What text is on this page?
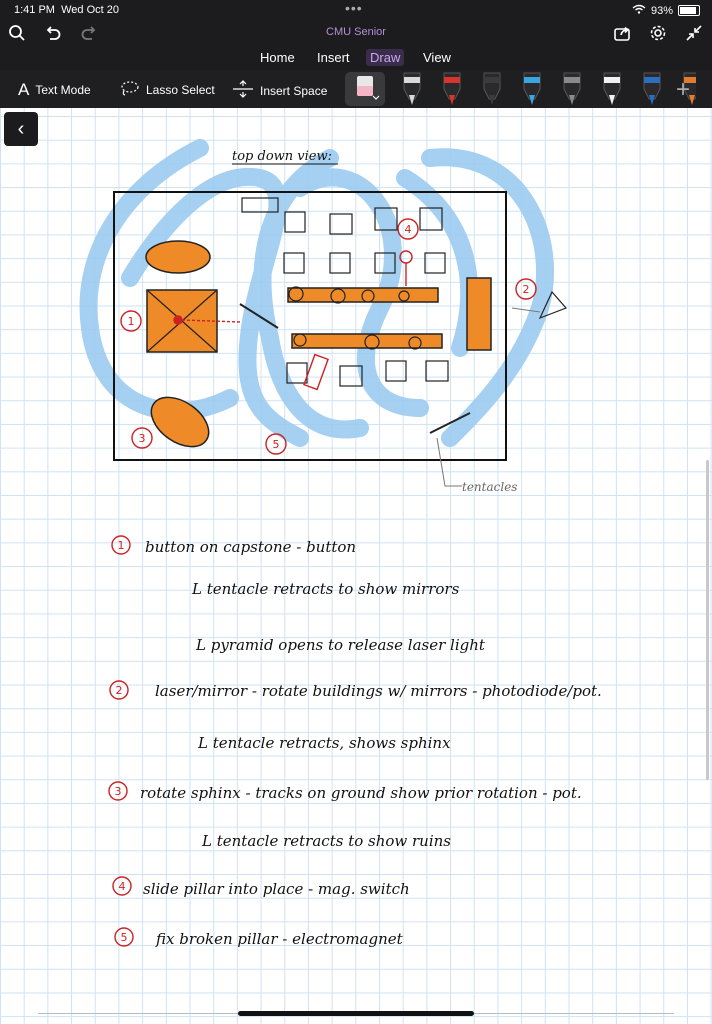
1:41 PM Wed Oct 20	•••	93%
CMU Senior
Home	Insert	Draw	View
A Text Mode	Lasso Select	Insert Space	+
‹
top down view:
1
2
3
4
5
tentacles
button on capstone - button
L tentacle retracts to show mirrors
L pyramid opens to release laser light
laser/mirror - rotate buildings w/ mirrors - photodiode/pot.
L tentacle retracts, shows sphinx
rotate sphinx - tracks on ground show prior rotation - pot.
L tentacle retracts to show ruins
slide pillar into place - mag. switch
fix broken pillar - electromagnet
1
2
3
4
5
